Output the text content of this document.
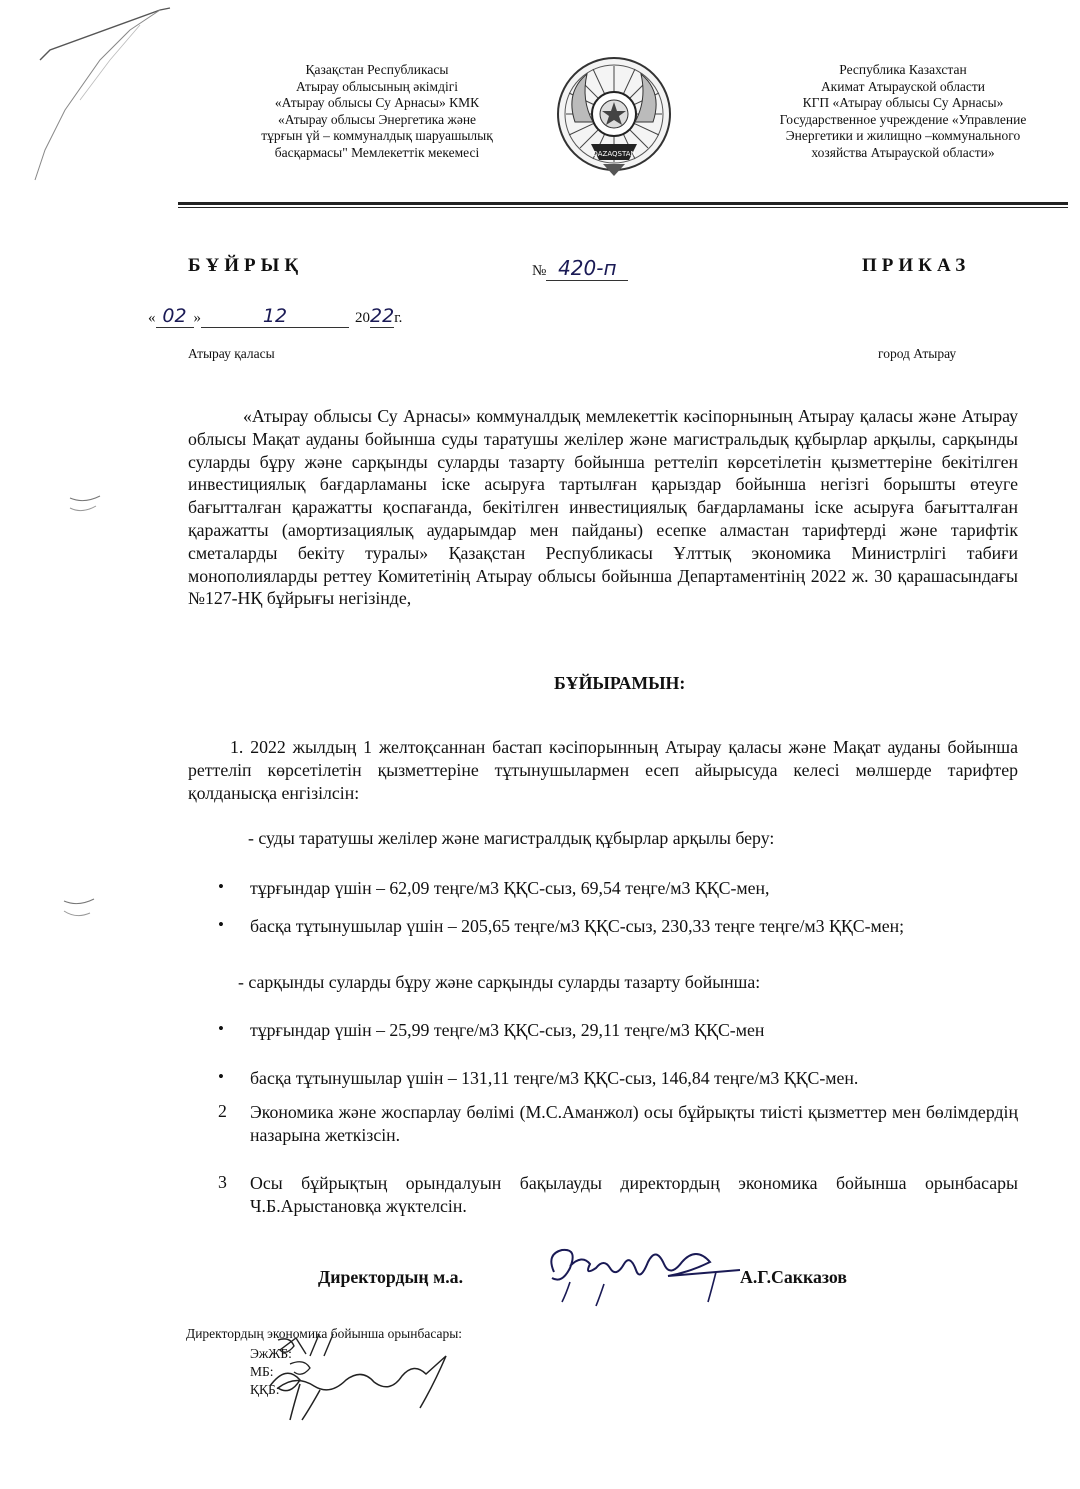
Қазақстан Республикасы
Атырау облысының әкімдігі
«Атырау облысы Су Арнасы» КМК
«Атырау облысы Энергетика және
тұрғын үй – коммуналдық шаруашылық
басқармасы" Мемлекеттік мекемесі	QAZAQSTAN
Республика Казахстан
Акимат Атырауской области
КГП «Атырау облысы Су Арнасы»
Государственное учреждение «Управление
Энергетики и жилищно –коммунального
хозяйства Атырауской области»
БҰЙРЫҚ	№ 420-п	ПРИКАЗ
« 02 »	12	2022г.
Атырау қаласы	город Атырау
«Атырау облысы Су Арнасы» коммуналдық мемлекеттік кәсіпорнының Атырау қаласы және Атырау облысы Мақат ауданы бойынша суды таратушы желілер және магистральдық құбырлар арқылы, сарқынды суларды бұру және сарқынды суларды тазарту бойынша реттеліп көрсетілетін қызметтеріне бекітілген инвестициялық бағдарламаны іске асыруға тартылған қарыздар бойынша негізгі борышты өтеуге бағытталған қаражатты қоспағанда, бекітілген инвестициялық бағдарламаны іске асыруға бағытталған қаражатты (амортизациялық аударымдар мен пайданы) есепке алмастан тарифтерді және тарифтік сметаларды бекіту туралы» Қазақстан Республикасы Ұлттық экономика Министрлігі табиғи монополияларды реттеу Комитетінің Атырау облысы бойынша Департаментінің 2022 ж. 30 қарашасындағы №127-НҚ бұйрығы негізінде,
БҰЙЫРАМЫН:
1. 2022 жылдың 1 желтоқсаннан бастап кәсіпорынның Атырау қаласы және Мақат ауданы бойынша реттеліп көрсетілетін қызметтеріне тұтынушылармен есеп айырысуда келесі мөлшерде тарифтер қолданысқа енгізілсін:
- суды таратушы желілер және магистралдық құбырлар арқылы беру:
• тұрғындар үшін – 62,09 теңге/м3 ҚҚС-сыз, 69,54 теңге/м3 ҚҚС-мен,
• басқа тұтынушылар үшін – 205,65 теңге/м3 ҚҚС-сыз, 230,33 теңге теңге/м3 ҚҚС-мен;
- сарқынды суларды бұру және сарқынды суларды тазарту бойынша:
• тұрғындар үшін – 25,99 теңге/м3 ҚҚС-сыз, 29,11 теңге/м3 ҚҚС-мен
• басқа тұтынушылар үшін – 131,11 теңге/м3 ҚҚС-сыз, 146,84 теңге/м3 ҚҚС-мен.
2 Экономика және жоспарлау бөлімі (М.С.Аманжол) осы бұйрықты тиісті қызметтер мен бөлімдердің назарына жеткізсін.
3 Осы бұйрықтың орындалуын бақылауды директордың экономика бойынша орынбасары Ч.Б.Арыстановқа жүктелсін.
Директордың м.а.	А.Г.Сакказов
Директордың экономика бойынша орынбасары:
ЭжЖБ:
МБ:
ҚҚБ:
